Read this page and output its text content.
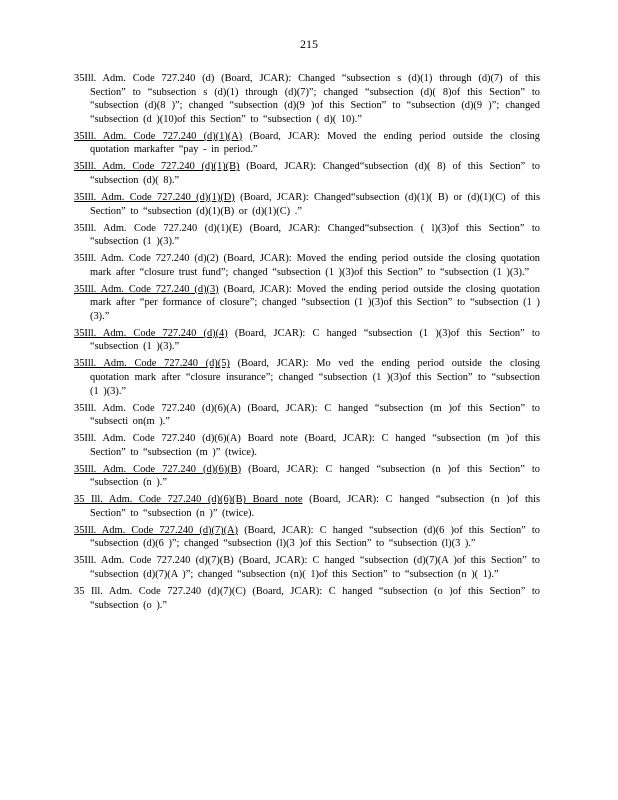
215

35Ill. Adm. Code 727.240 (d) (Board, JCAR): Changed “subsection s (d)(1) through (d)(7) of this Section” to “subsection s (d)(1) through (d)(7)”; changed “subsection (d)( 8)of this Section” to “subsection (d)(8 )”; changed “subsection (d)(9 )of this Section” to “subsection (d)(9 )”; changed “subsection (d )(10)of this Section” to “subsection ( d)( 10).”

35Ill. Adm. Code 727.240 (d)(1)(A) (Board, JCAR): Moved the ending period outside the closing quotation markafter “pay - in period.”

35Ill. Adm. Code 727.240 (d)(1)(B) (Board, JCAR): Changed“subsection (d)( 8) of this Section” to “subsection (d)( 8).”

35Ill. Adm. Code 727.240 (d)(1)(D) (Board, JCAR): Changed“subsection (d)(1)( B) or (d)(1)(C) of this Section” to “subsection (d)(1)(B) or (d)(1)(C) .”

35Ill. Adm. Code 727.240 (d)(1)(E) (Board, JCAR): Changed“subsection ( l)(3)of this Section” to “subsection (1 )(3).”

35Ill. Adm. Code 727.240 (d)(2) (Board, JCAR): Moved the ending period outside the closing quotation mark after “closure trust fund”; changed “subsection (1 )(3)of this Section” to “subsection (1 )(3).”

35Ill. Adm. Code 727.240 (d)(3) (Board, JCAR): Moved the ending period outside the closing quotation mark after “per formance of closure”; changed “subsection (1 )(3)of this Section” to “subsection (1 )(3).”

35Ill. Adm. Code 727.240 (d)(4) (Board, JCAR): C hanged “subsection (1 )(3)of this Section” to “subsection (1 )(3).”

35Ill. Adm. Code 727.240 (d)(5) (Board, JCAR): Mo ved the ending period outside the closing quotation mark after “closure insurance”; changed “subsection (1 )(3)of this Section” to “subsection (1 )(3).”

35Ill. Adm. Code 727.240 (d)(6)(A) (Board, JCAR): C hanged “subsection (m )of this Section” to “subsecti on(m ).”

35Ill. Adm. Code 727.240 (d)(6)(A) Board note (Board, JCAR): C hanged “subsection (m )of this Section” to “subsection (m )” (twice).

35Ill. Adm. Code 727.240 (d)(6)(B) (Board, JCAR): C hanged “subsection (n )of this Section” to “subsection (n ).”

35 Ill. Adm. Code 727.240 (d)(6)(B) Board note (Board, JCAR): C hanged “subsection (n )of this Section” to “subsection (n )” (twice).

35Ill. Adm. Code 727.240 (d)(7)(A) (Board, JCAR): C hanged “subsection (d)(6 )of this Section” to “subsection (d)(6 )”; changed “subsection (l)(3 )of this Section” to “subsection (l)(3 ).”

35Ill. Adm. Code 727.240 (d)(7)(B) (Board, JCAR): C hanged “subsection (d)(7)(A )of this Section” to “subsection (d)(7)(A )”; changed “subsection (n)( 1)of this Section” to “subsection (n )( 1).”

35 Ill. Adm. Code 727.240 (d)(7)(C) (Board, JCAR): C hanged “subsection (o )of this Section” to “subsection (o ).”
